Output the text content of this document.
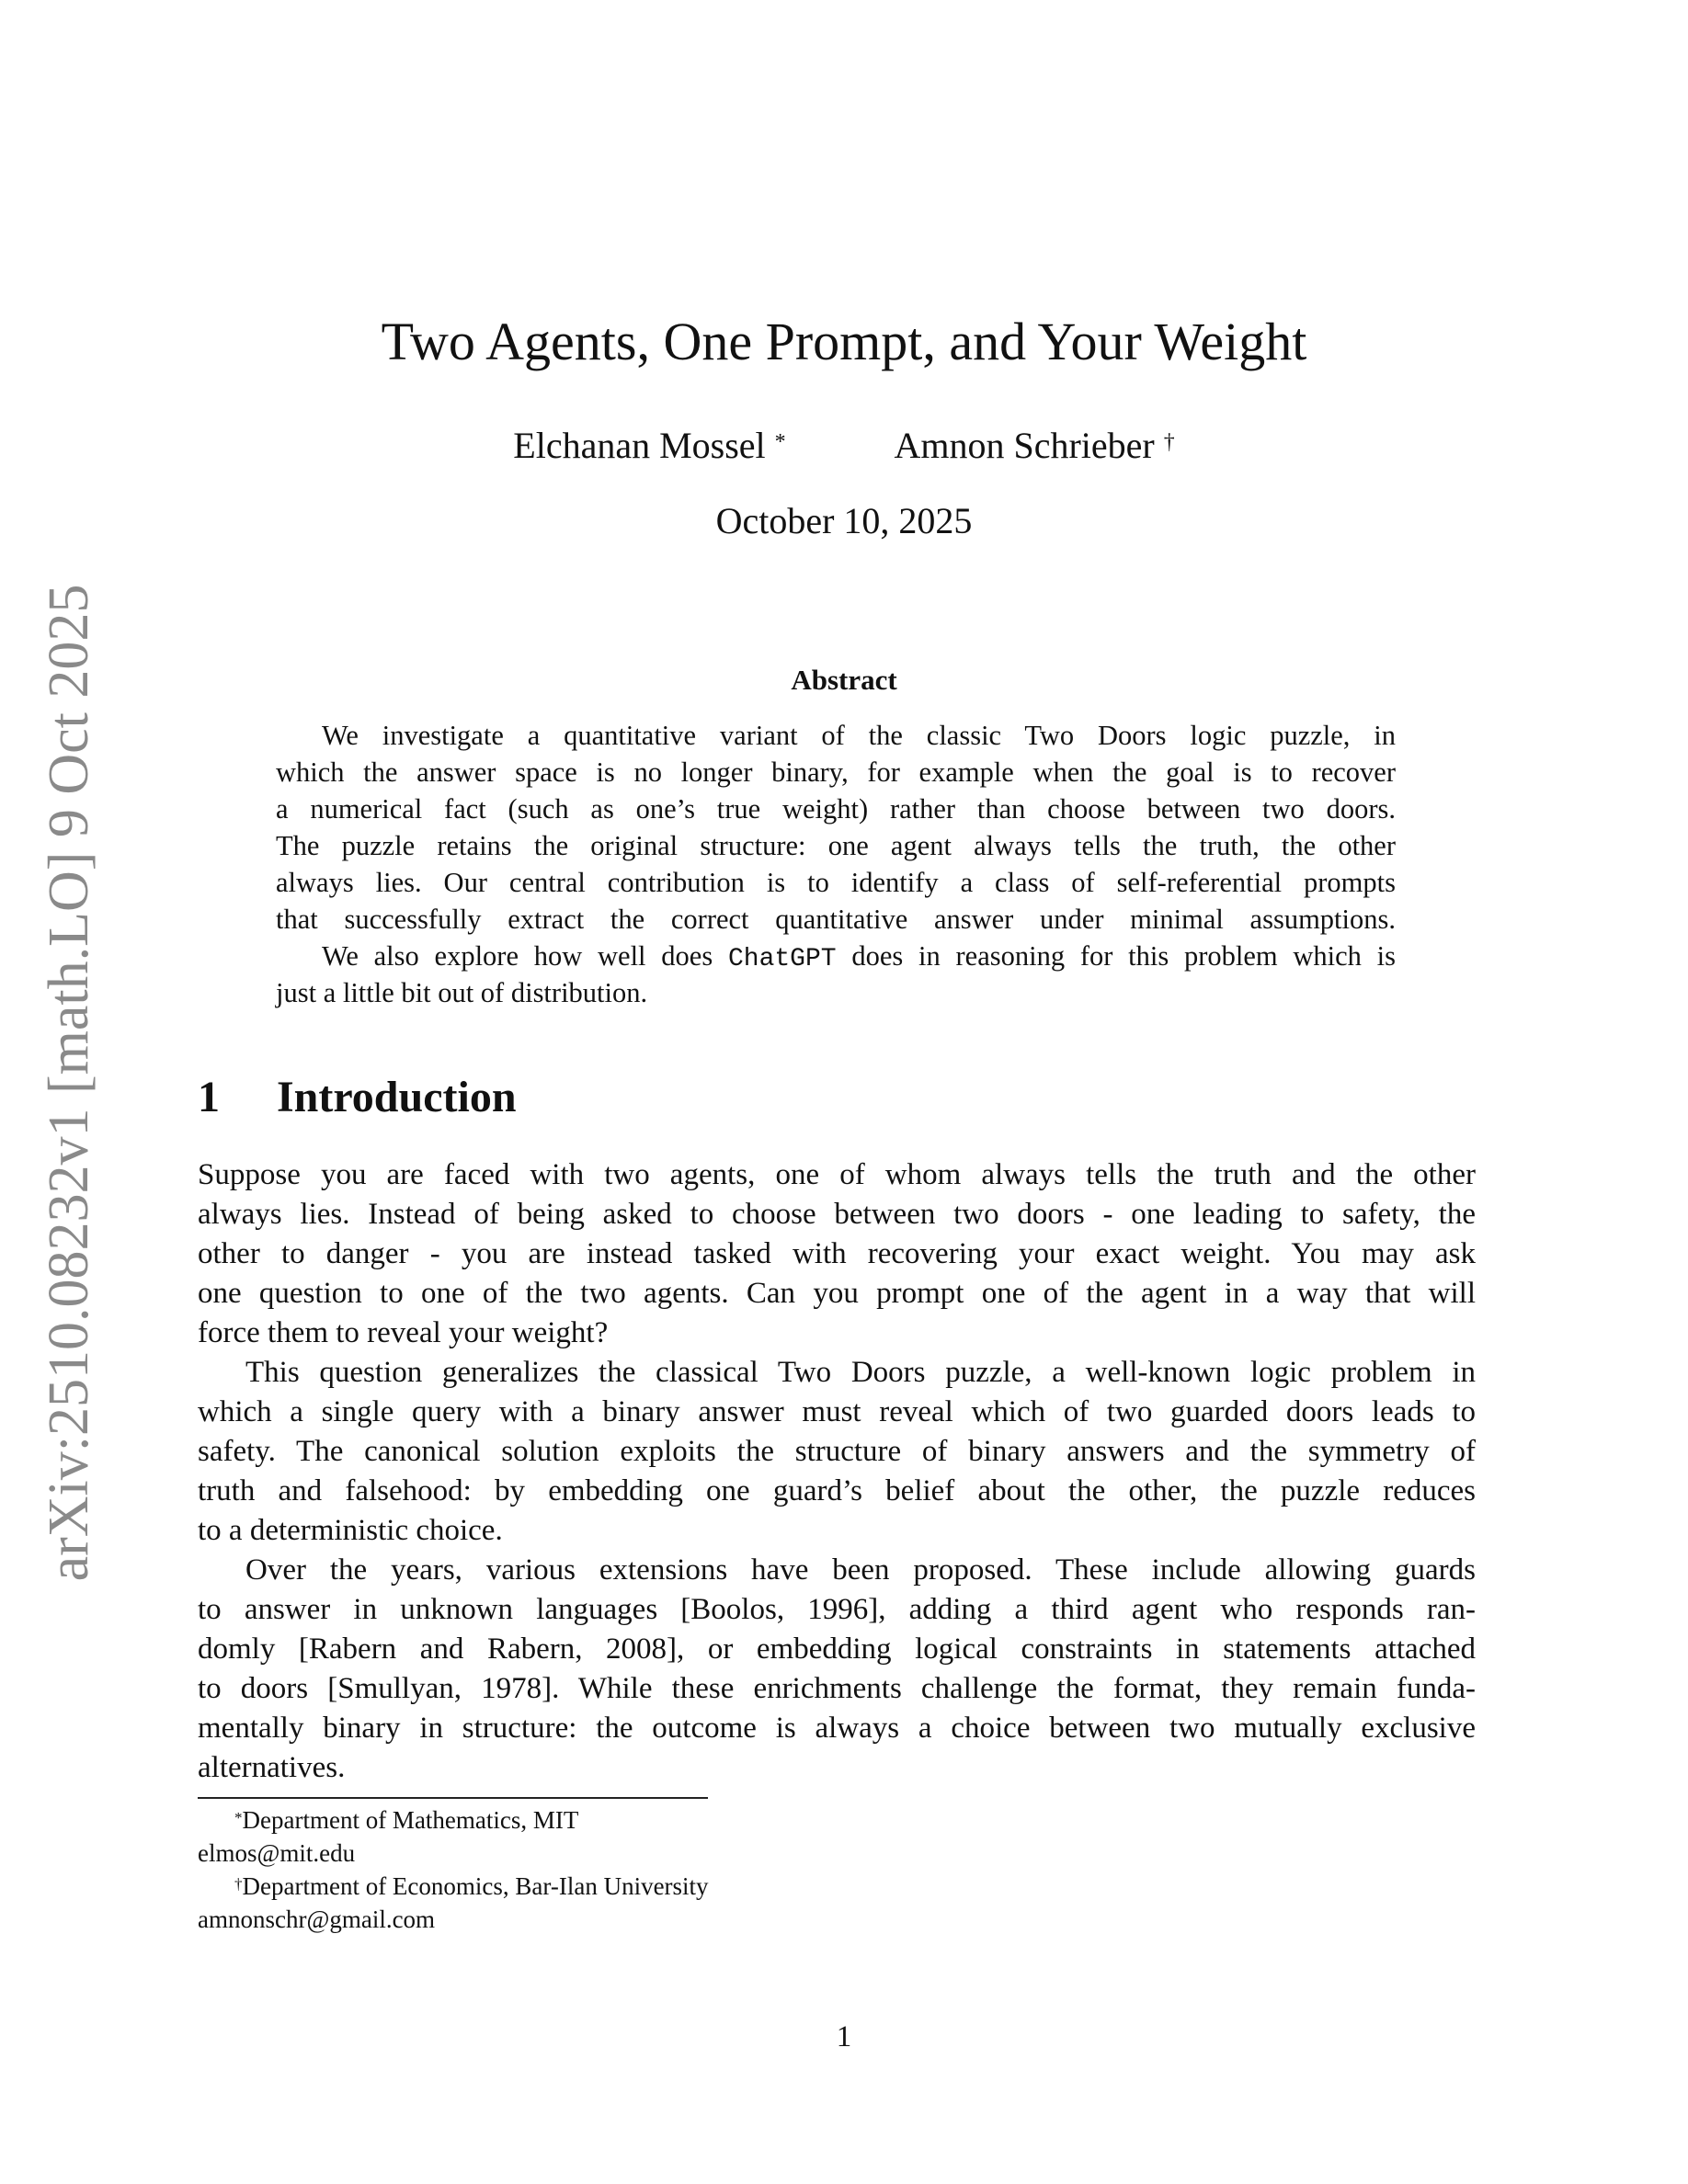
arXiv:2510.08232v1 [math.LO] 9 Oct 2025
Two Agents, One Prompt, and Your Weight
Elchanan Mossel *	Amnon Schrieber †
October 10, 2025
Abstract
We investigate a quantitative variant of the classic Two Doors logic puzzle, in
which the answer space is no longer binary, for example when the goal is to recover
a numerical fact (such as one’s true weight) rather than choose between two doors.
The puzzle retains the original structure: one agent always tells the truth, the other
always lies. Our central contribution is to identify a class of self-referential prompts
that successfully extract the correct quantitative answer under minimal assumptions.
We also explore how well does ChatGPT does in reasoning for this problem which is
just a little bit out of distribution.
1 Introduction
Suppose you are faced with two agents, one of whom always tells the truth and the other
always lies. Instead of being asked to choose between two doors - one leading to safety, the
other to danger - you are instead tasked with recovering your exact weight. You may ask
one question to one of the two agents. Can you prompt one of the agent in a way that will
force them to reveal your weight?
This question generalizes the classical Two Doors puzzle, a well-known logic problem in
which a single query with a binary answer must reveal which of two guarded doors leads to
safety. The canonical solution exploits the structure of binary answers and the symmetry of
truth and falsehood: by embedding one guard’s belief about the other, the puzzle reduces
to a deterministic choice.
Over the years, various extensions have been proposed. These include allowing guards
to answer in unknown languages [Boolos, 1996], adding a third agent who responds ran-
domly [Rabern and Rabern, 2008], or embedding logical constraints in statements attached
to doors [Smullyan, 1978]. While these enrichments challenge the format, they remain funda-
mentally binary in structure: the outcome is always a choice between two mutually exclusive
alternatives.
*Department of Mathematics, MIT
elmos@mit.edu
†Department of Economics, Bar-Ilan University
amnonschr@gmail.com
1
